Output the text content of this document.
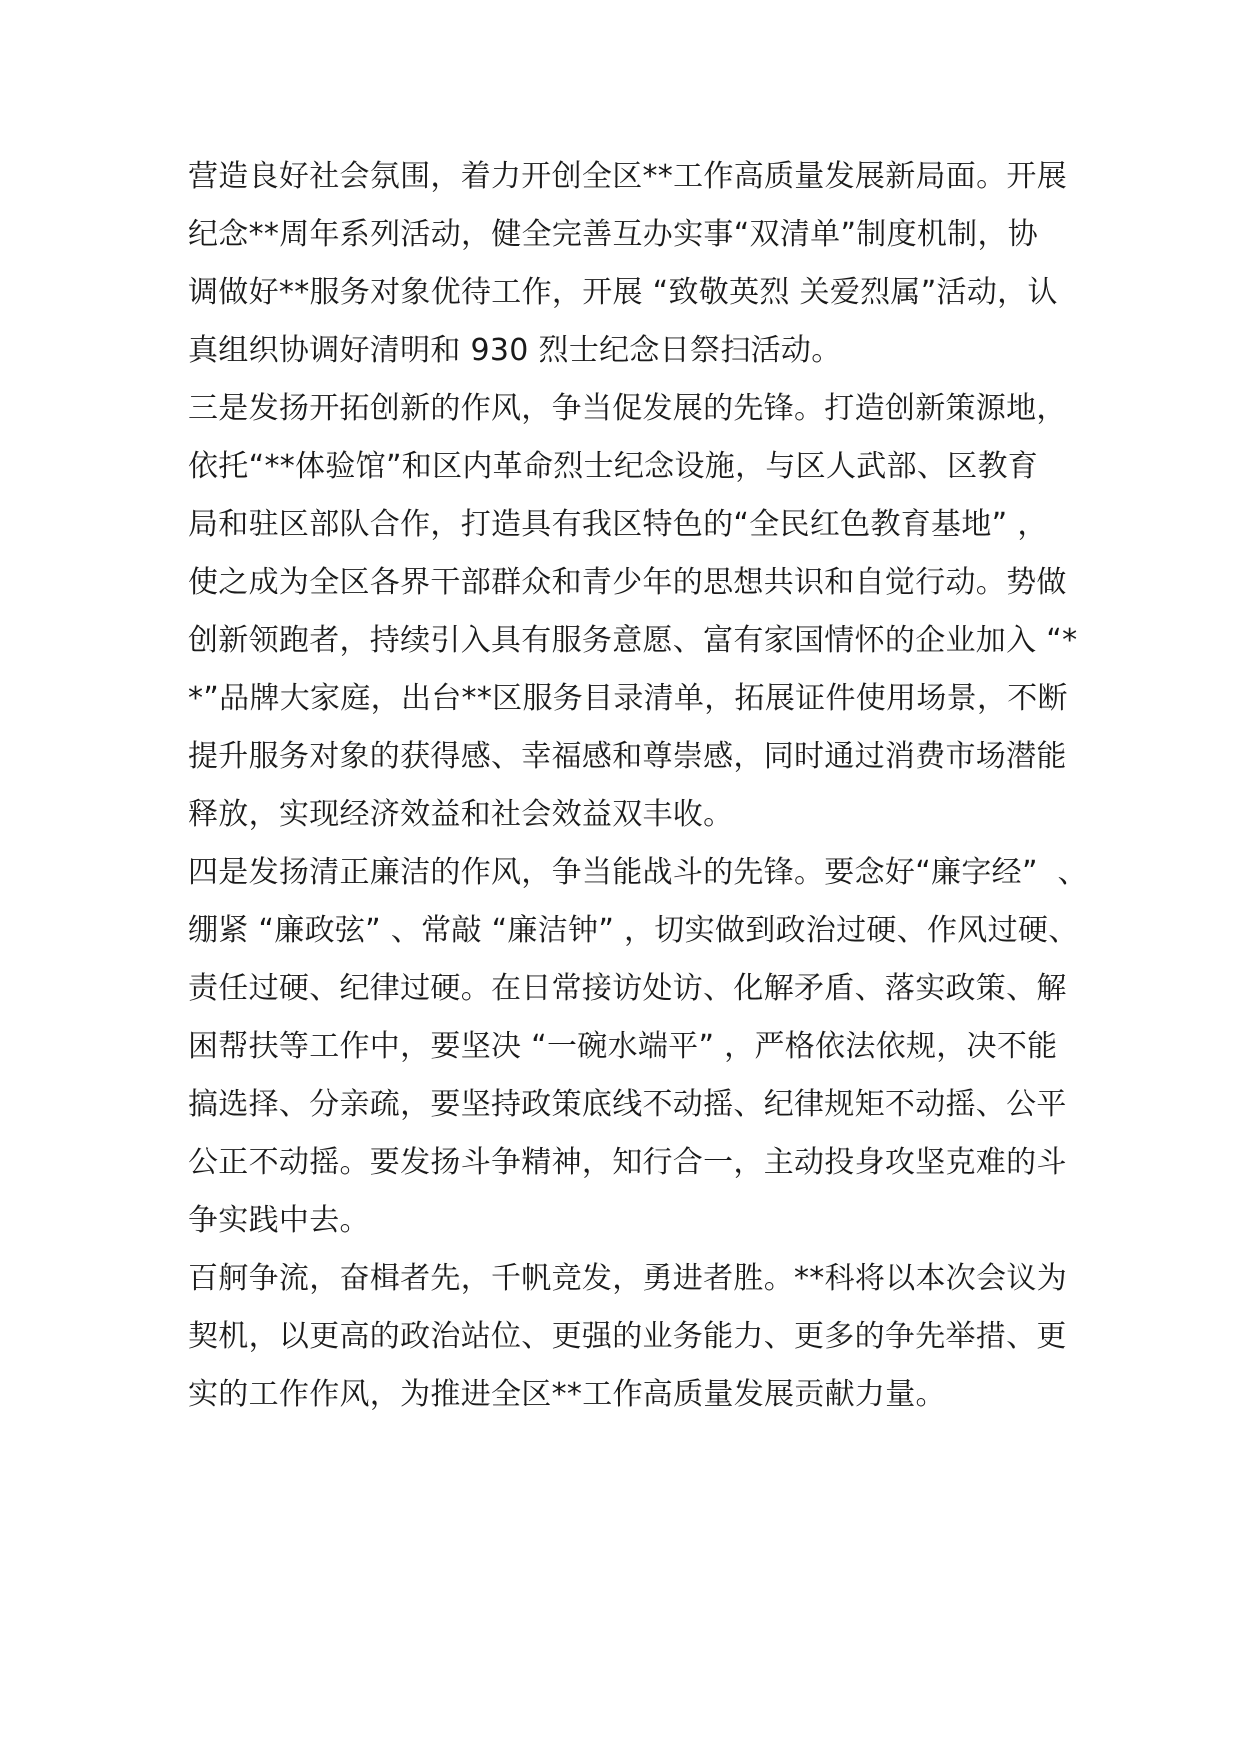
营造良好社会氛围，着力开创全区**工作高质量发展新局面。开展
纪念**周年系列活动，健全完善互办实事“双清单”制度机制，协
调做好**服务对象优待工作，开展 “致敬英烈 关爱烈属”活动，认
真组织协调好清明和 930 烈士纪念日祭扫活动。
三是发扬开拓创新的作风，争当促发展的先锋。打造创新策源地，
依托“**体验馆”和区内革命烈士纪念设施，与区人武部、区教育
局和驻区部队合作，打造具有我区特色的“全民红色教育基地” ，
使之成为全区各界干部群众和青少年的思想共识和自觉行动。势做
创新领跑者，持续引入具有服务意愿、富有家国情怀的企业加入 “*
*”品牌大家庭，出台**区服务目录清单，拓展证件使用场景，不断
提升服务对象的获得感、幸福感和尊崇感，同时通过消费市场潜能
释放，实现经济效益和社会效益双丰收。
四是发扬清正廉洁的作风，争当能战斗的先锋。要念好“廉字经”  、
绷紧 “廉政弦” 、常敲 “廉洁钟” ，切实做到政治过硬、作风过硬、
责任过硬、纪律过硬。在日常接访处访、化解矛盾、落实政策、解
困帮扶等工作中，要坚决 “一碗水端平” ，严格依法依规，决不能
搞选择、分亲疏，要坚持政策底线不动摇、纪律规矩不动摇、公平
公正不动摇。要发扬斗争精神，知行合一，主动投身攻坚克难的斗
争实践中去。
百舸争流，奋楫者先，千帆竞发，勇进者胜。**科将以本次会议为
契机，以更高的政治站位、更强的业务能力、更多的争先举措、更
实的工作作风，为推进全区**工作高质量发展贡献力量。
